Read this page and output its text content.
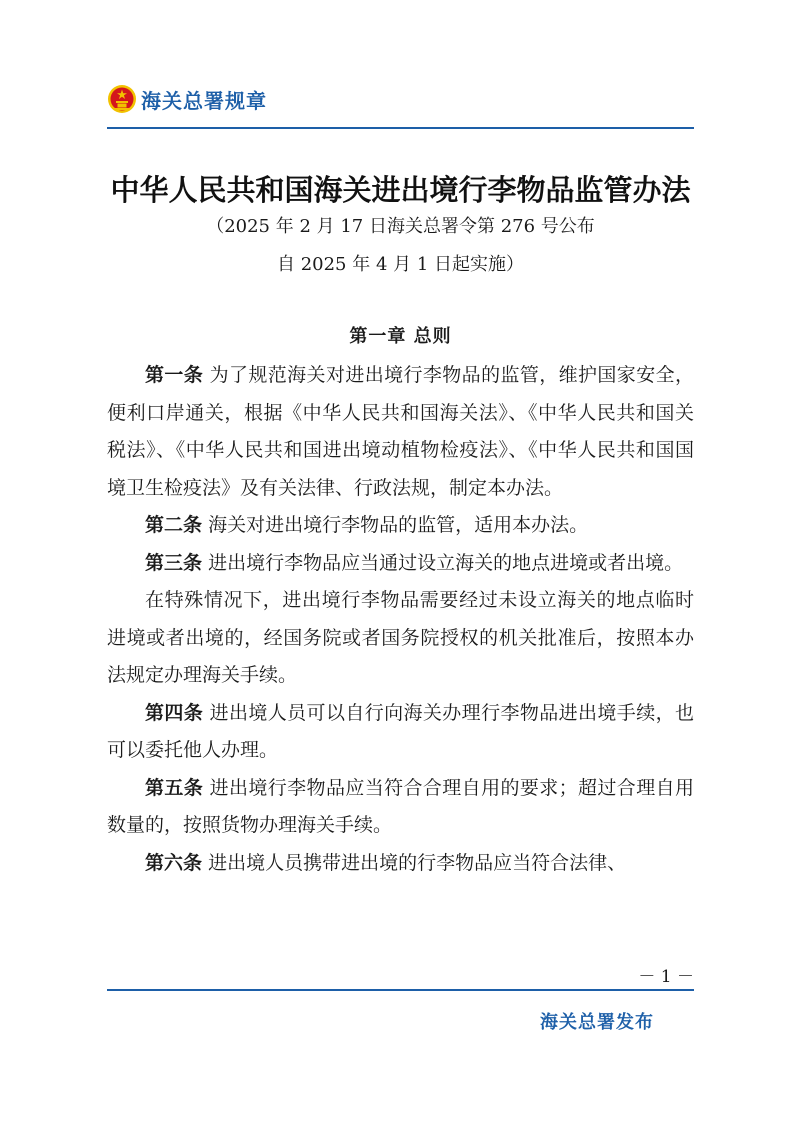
海关总署规章
中华人民共和国海关进出境行李物品监管办法
（2025 年 2 月 17 日海关总署令第 276 号公布
自 2025 年 4 月 1 日起实施）
第一章 总则

第一条 为了规范海关对进出境行李物品的监管，维护国家安全，便利口岸通关，根据《中华人民共和国海关法》、《中华人民共和国关税法》、《中华人民共和国进出境动植物检疫法》、《中华人民共和国国境卫生检疫法》及有关法律、行政法规，制定本办法。

第二条 海关对进出境行李物品的监管，适用本办法。

第三条 进出境行李物品应当通过设立海关的地点进境或者出境。

在特殊情况下，进出境行李物品需要经过未设立海关的地点临时进境或者出境的，经国务院或者国务院授权的机关批准后，按照本办法规定办理海关手续。

第四条 进出境人员可以自行向海关办理行李物品进出境手续，也可以委托他人办理。

第五条 进出境行李物品应当符合合理自用的要求；超过合理自用数量的，按照货物办理海关手续。

第六条 进出境人员携带进出境的行李物品应当符合法律、

－ 1 －
海关总署发布
